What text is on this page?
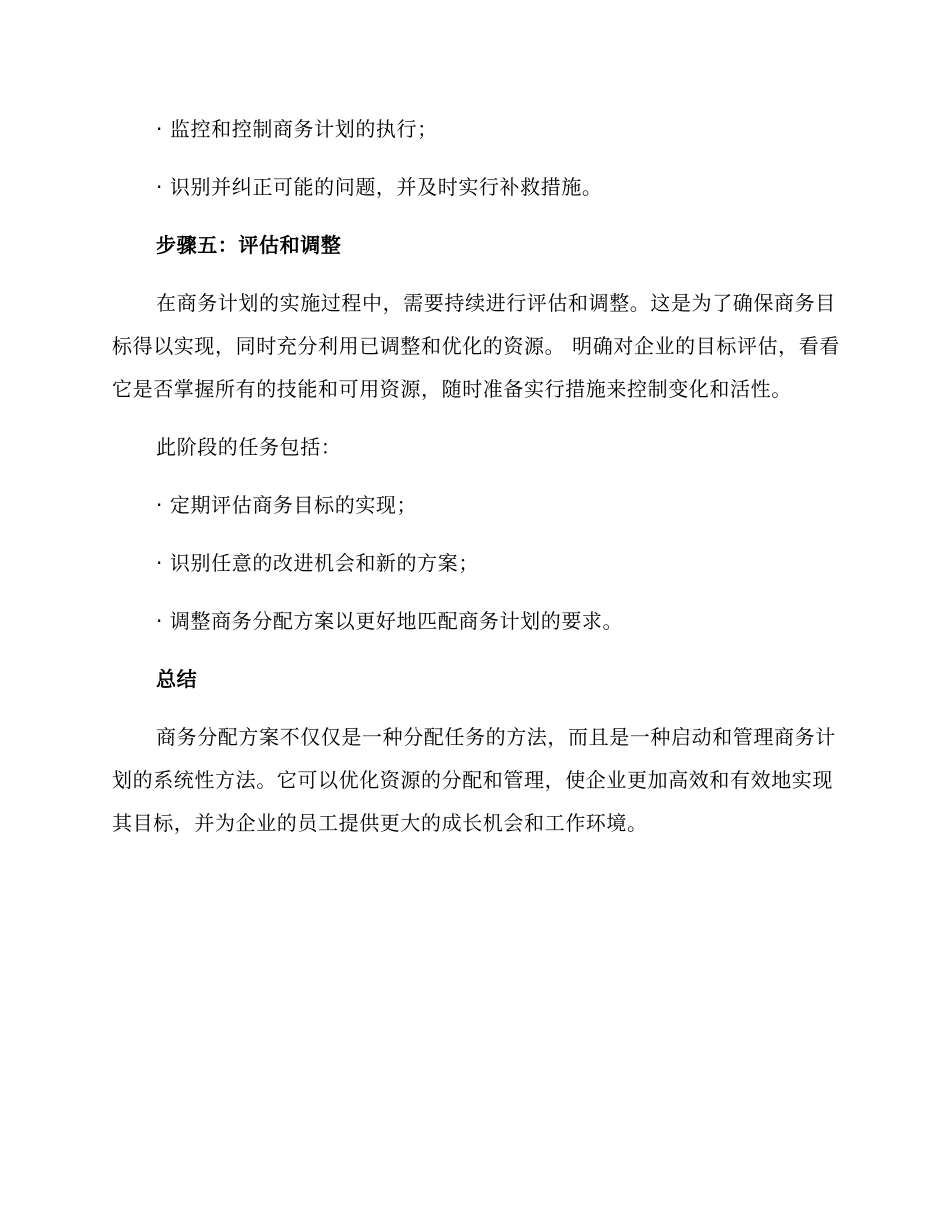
· 监控和控制商务计划的执行；
· 识别并纠正可能的问题，并及时实行补救措施。
步骤五：评估和调整
在商务计划的实施过程中，需要持续进行评估和调整。这是为了确保商务目标得以实现，同时充分利用已调整和优化的资源。 明确对企业的目标评估，看看它是否掌握所有的技能和可用资源，随时准备实行措施来控制变化和活性。
此阶段的任务包括：
· 定期评估商务目标的实现；
· 识别任意的改进机会和新的方案；
· 调整商务分配方案以更好地匹配商务计划的要求。
总结
商务分配方案不仅仅是一种分配任务的方法，而且是一种启动和管理商务计划的系统性方法。它可以优化资源的分配和管理，使企业更加高效和有效地实现其目标，并为企业的员工提供更大的成长机会和工作环境。
